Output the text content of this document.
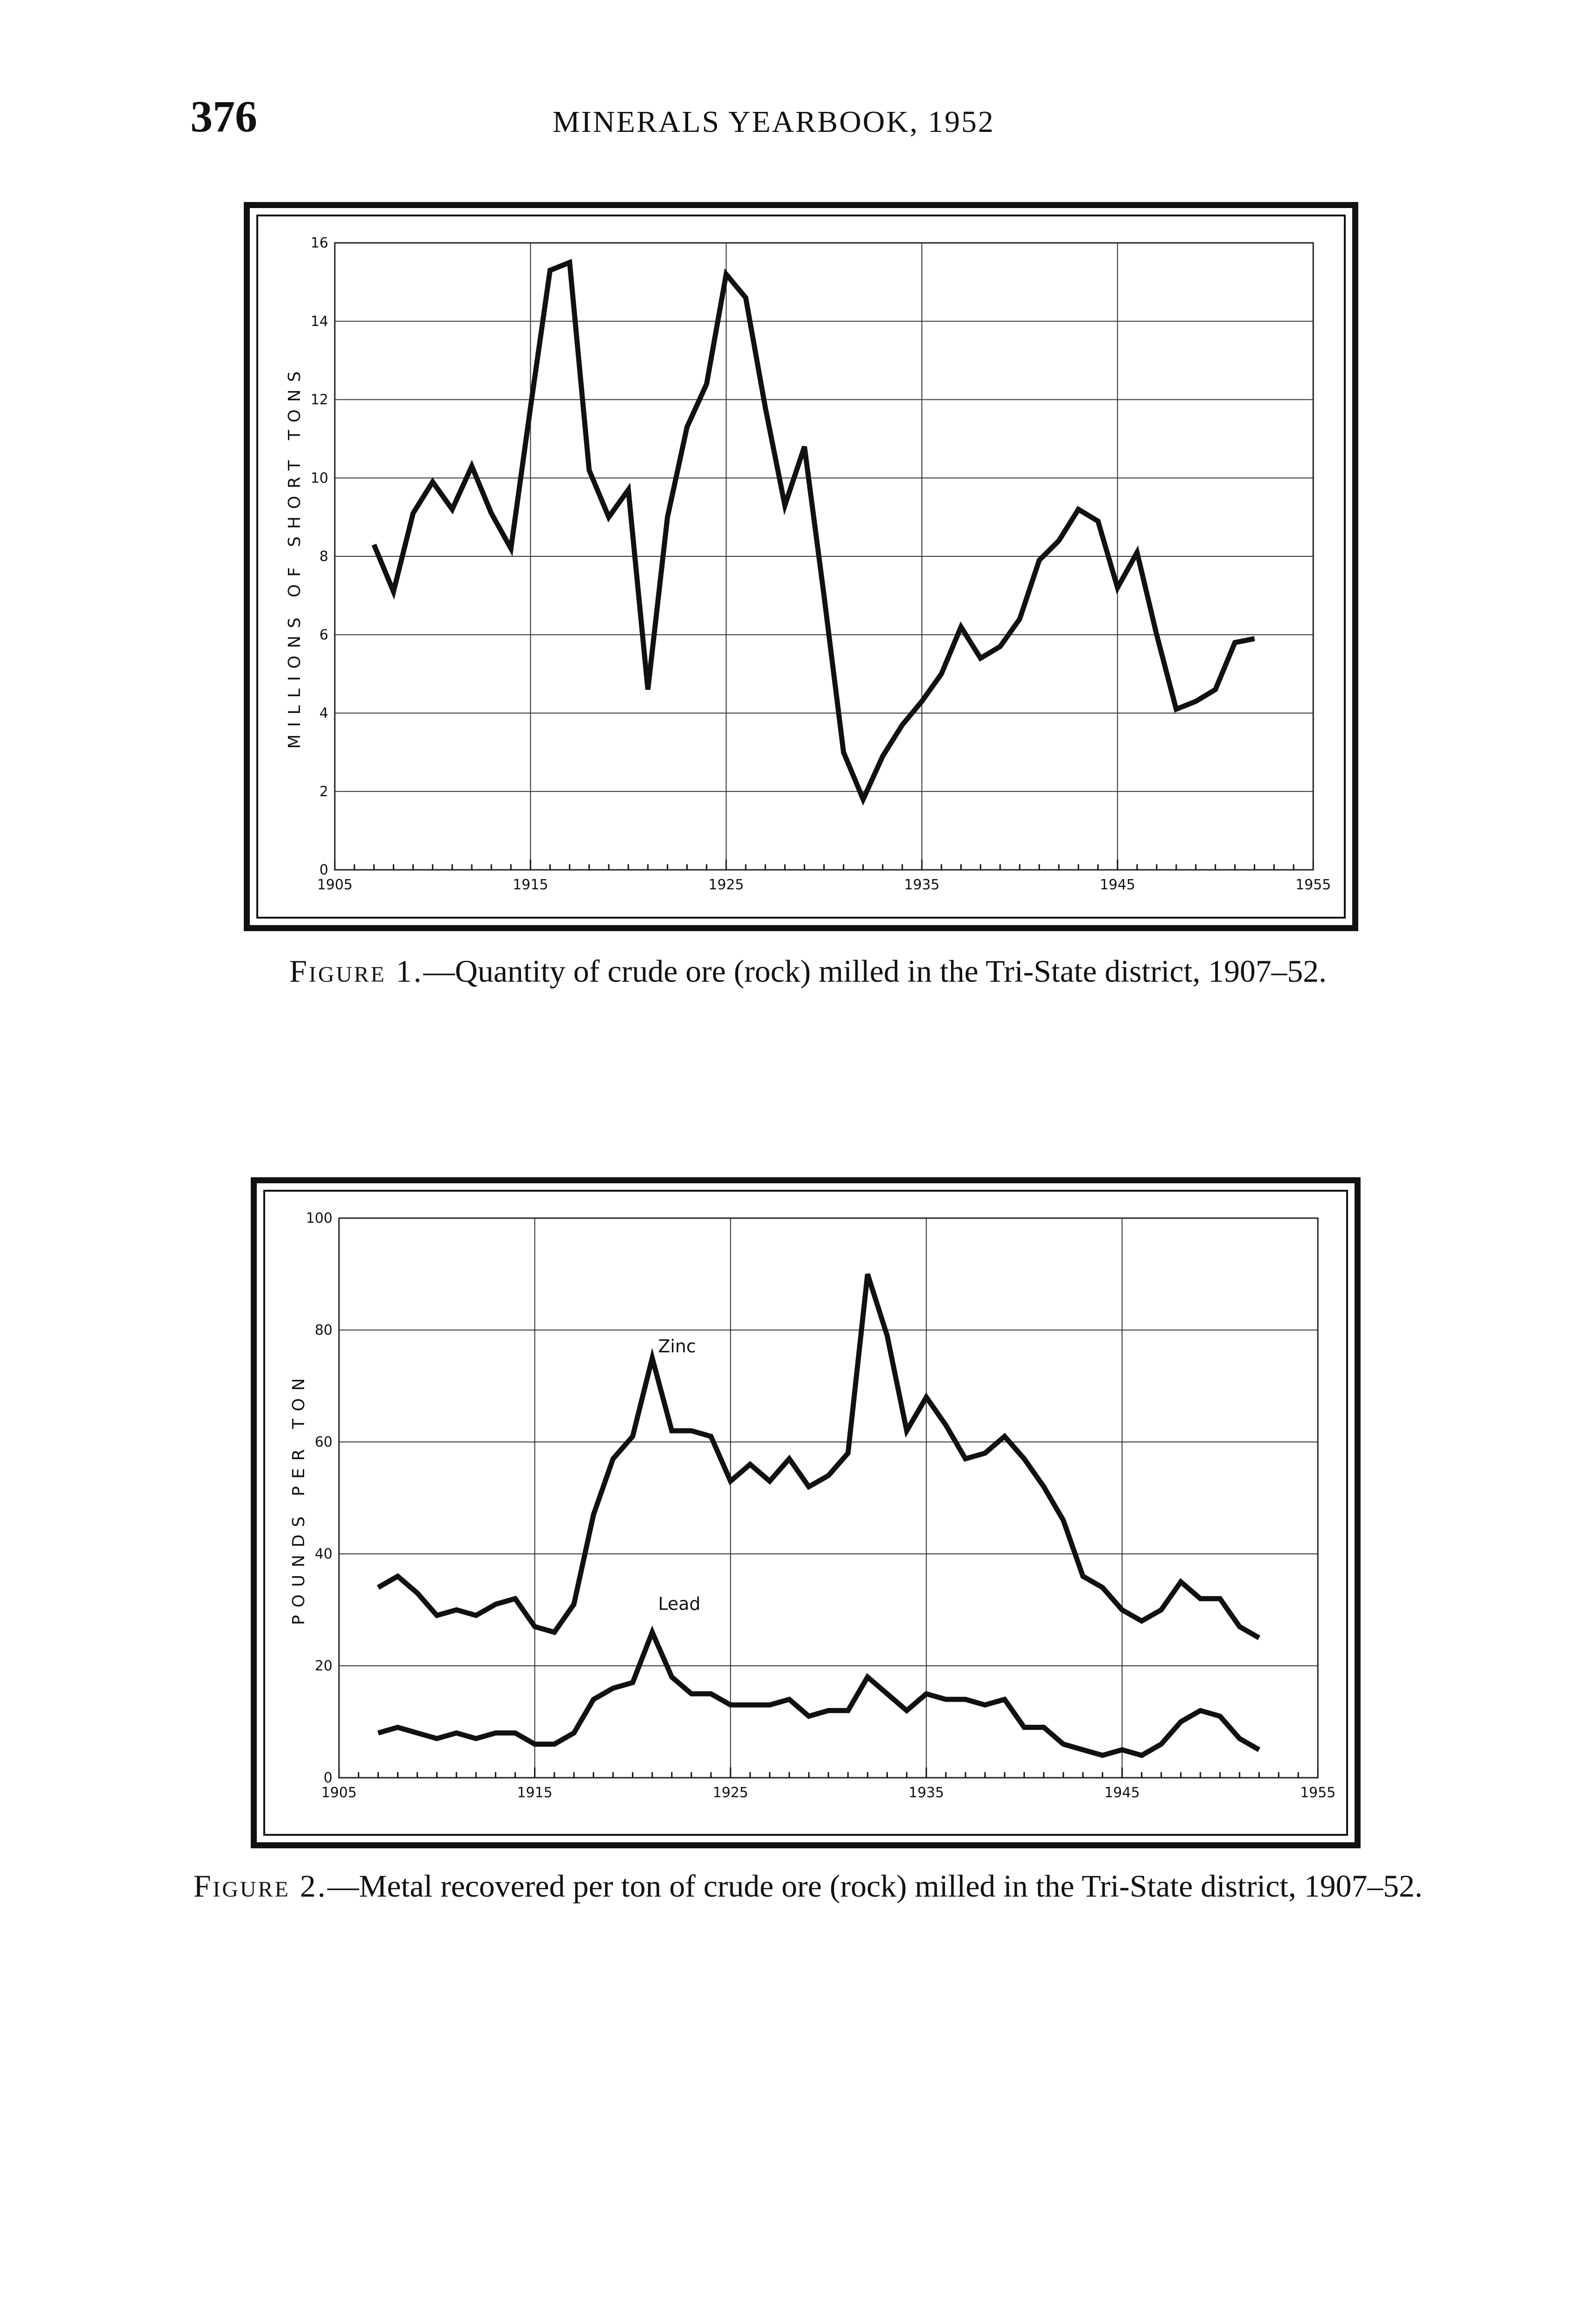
376	MINERALS YEARBOOK, 1952
0
2
4
6
8
10
12
14
16
1905	1915	1925	1935	1945	1955
MILLIONS OF SHORT TONS
Figure 1.—Quantity of crude ore (rock) milled in the Tri-State district, 1907–52.
0
20
40
60
80
100
1905	1915	1925	1935	1945	1955
POUNDS PER TON
Zinc
Lead
Figure 2.—Metal recovered per ton of crude ore (rock) milled in the Tri-State district, 1907–52.
